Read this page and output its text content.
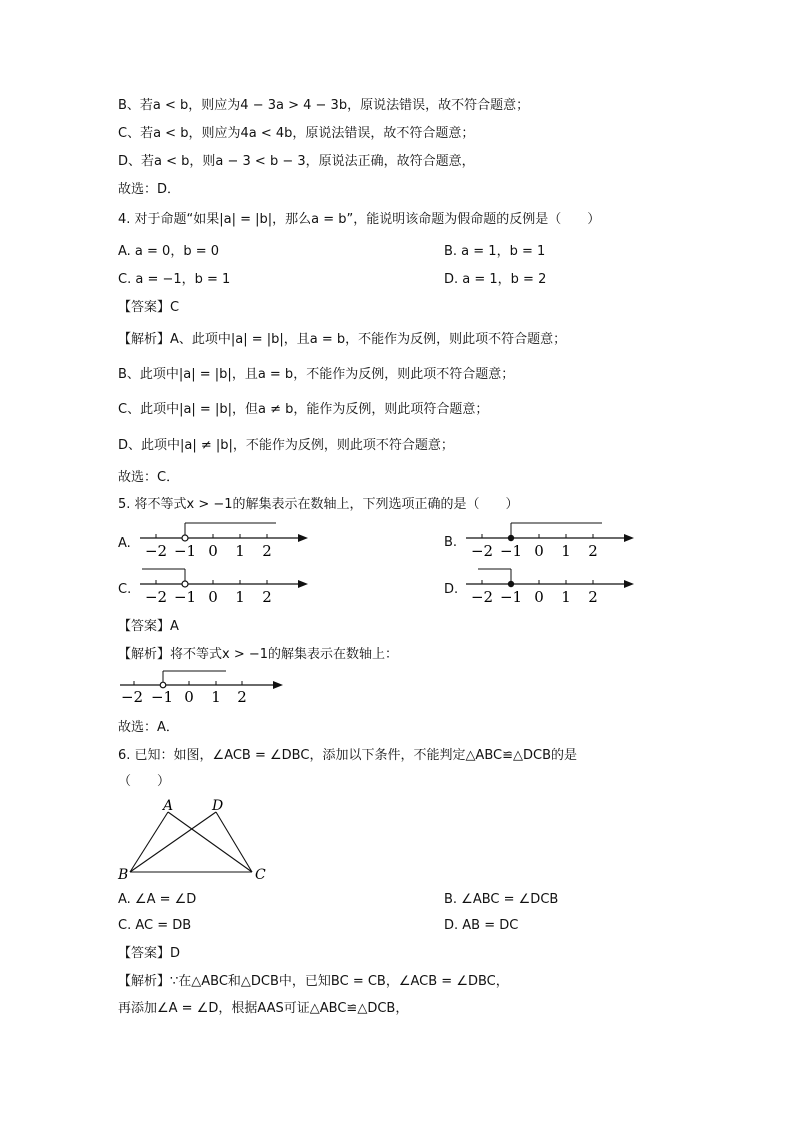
B、若a < b，则应为4 − 3a > 4 − 3b，原说法错误，故不符合题意；
C、若a < b，则应为4a < 4b，原说法错误，故不符合题意；
D、若a < b，则a − 3 < b − 3，原说法正确，故符合题意，
故选：D．
4. 对于命题“如果|a| = |b|，那么a = b”，能说明该命题为假命题的反例是（　　）
A. a = 0，b = 0	B. a = 1，b = 1
C. a = −1，b = 1	D. a = 1，b = 2
【答案】C
【解析】A、此项中|a| = |b|，且a = b，不能作为反例，则此项不符合题意；
B、此项中|a| = |b|，且a = b，不能作为反例，则此项不符合题意；
C、此项中|a| = |b|，但a ≠ b，能作为反例，则此项符合题意；
D、此项中|a| ≠ |b|，不能作为反例，则此项不符合题意；
故选：C．
5. 将不等式x > −1的解集表示在数轴上，下列选项正确的是（　　）
A.	B.
C.	D.
−2 −1 0 1 2	−2 −1 0 1 2
−2 −1 0 1 2	−2 −1 0 1 2
【答案】A
【解析】将不等式x > −1的解集表示在数轴上：
−2 −1 0 1 2
故选：A．
6. 已知：如图，∠ACB = ∠DBC，添加以下条件，不能判定△ABC≌△DCB的是
（　　）
A	D
B	C
A. ∠A = ∠D	B. ∠ABC = ∠DCB
C. AC = DB	D. AB = DC
【答案】D
【解析】∵在△ABC和△DCB中，已知BC = CB，∠ACB = ∠DBC，
再添加∠A = ∠D，根据AAS可证△ABC≌△DCB，
